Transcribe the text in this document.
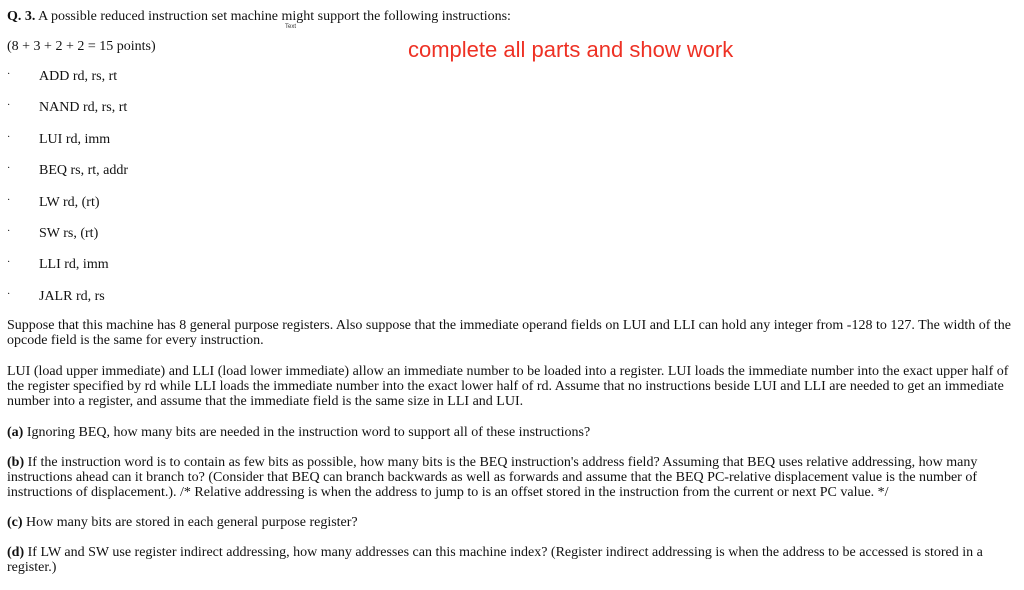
Q. 3. A possible reduced instruction set machine might support the following instructions:
Text
(8 + 3 + 2 + 2 = 15 points)	complete all parts and show work
· ADD rd, rs, rt
· NAND rd, rs, rt
· LUI rd, imm
· BEQ rs, rt, addr
· LW rd, (rt)
· SW rs, (rt)
· LLI rd, imm
· JALR rd, rs
Suppose that this machine has 8 general purpose registers. Also suppose that the immediate operand fields on LUI and LLI can hold any integer from -128 to 127. The width of the opcode field is the same for every instruction.
LUI (load upper immediate) and LLI (load lower immediate) allow an immediate number to be loaded into a register. LUI loads the immediate number into the exact upper half of the register specified by rd while LLI loads the immediate number into the exact lower half of rd. Assume that no instructions beside LUI and LLI are needed to get an immediate number into a register, and assume that the immediate field is the same size in LLI and LUI.
(a) Ignoring BEQ, how many bits are needed in the instruction word to support all of these instructions?
(b) If the instruction word is to contain as few bits as possible, how many bits is the BEQ instruction's address field? Assuming that BEQ uses relative addressing, how many instructions ahead can it branch to? (Consider that BEQ can branch backwards as well as forwards and assume that the BEQ PC-relative displacement value is the number of instructions of displacement.). /* Relative addressing is when the address to jump to is an offset stored in the instruction from the current or next PC value. */
(c) How many bits are stored in each general purpose register?
(d) If LW and SW use register indirect addressing, how many addresses can this machine index? (Register indirect addressing is when the address to be accessed is stored in a register.)
